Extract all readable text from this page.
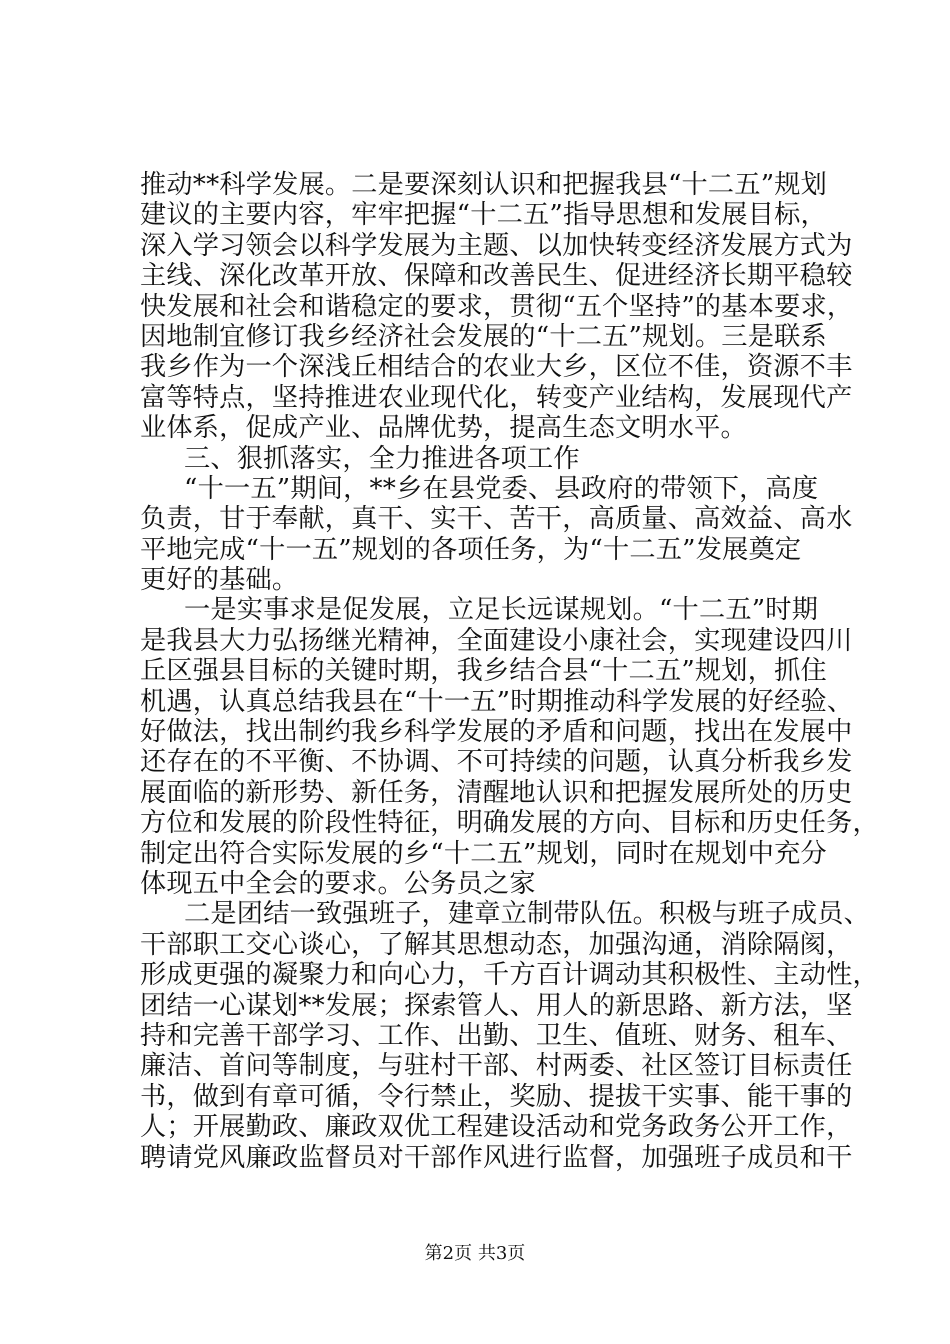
推动**科学发展。二是要深刻认识和把握我县“十二五”规划
建议的主要内容，牢牢把握“十二五”指导思想和发展目标，
深入学习领会以科学发展为主题、以加快转变经济发展方式为
主线、深化改革开放、保障和改善民生、促进经济长期平稳较
快发展和社会和谐稳定的要求，贯彻“五个坚持”的基本要求，
因地制宜修订我乡经济社会发展的“十二五”规划。三是联系
我乡作为一个深浅丘相结合的农业大乡，区位不佳，资源不丰
富等特点，坚持推进农业现代化，转变产业结构，发展现代产
业体系，促成产业、品牌优势，提高生态文明水平。
三、狠抓落实，全力推进各项工作
“十一五”期间，**乡在县党委、县政府的带领下，高度
负责，甘于奉献，真干、实干、苦干，高质量、高效益、高水
平地完成“十一五”规划的各项任务，为“十二五”发展奠定
更好的基础。
一是实事求是促发展，立足长远谋规划。“十二五”时期
是我县大力弘扬继光精神，全面建设小康社会，实现建设四川
丘区强县目标的关键时期，我乡结合县“十二五”规划，抓住
机遇，认真总结我县在“十一五”时期推动科学发展的好经验、
好做法，找出制约我乡科学发展的矛盾和问题，找出在发展中
还存在的不平衡、不协调、不可持续的问题，认真分析我乡发
展面临的新形势、新任务，清醒地认识和把握发展所处的历史
方位和发展的阶段性特征，明确发展的方向、目标和历史任务，
制定出符合实际发展的乡“十二五”规划，同时在规划中充分
体现五中全会的要求。公务员之家
二是团结一致强班子，建章立制带队伍。积极与班子成员、
干部职工交心谈心，了解其思想动态，加强沟通，消除隔阂，
形成更强的凝聚力和向心力，千方百计调动其积极性、主动性，
团结一心谋划**发展；探索管人、用人的新思路、新方法，坚
持和完善干部学习、工作、出勤、卫生、值班、财务、租车、
廉洁、首问等制度，与驻村干部、村两委、社区签订目标责任
书，做到有章可循，令行禁止，奖励、提拔干实事、能干事的
人；开展勤政、廉政双优工程建设活动和党务政务公开工作，
聘请党风廉政监督员对干部作风进行监督，加强班子成员和干
第2页 共3页
